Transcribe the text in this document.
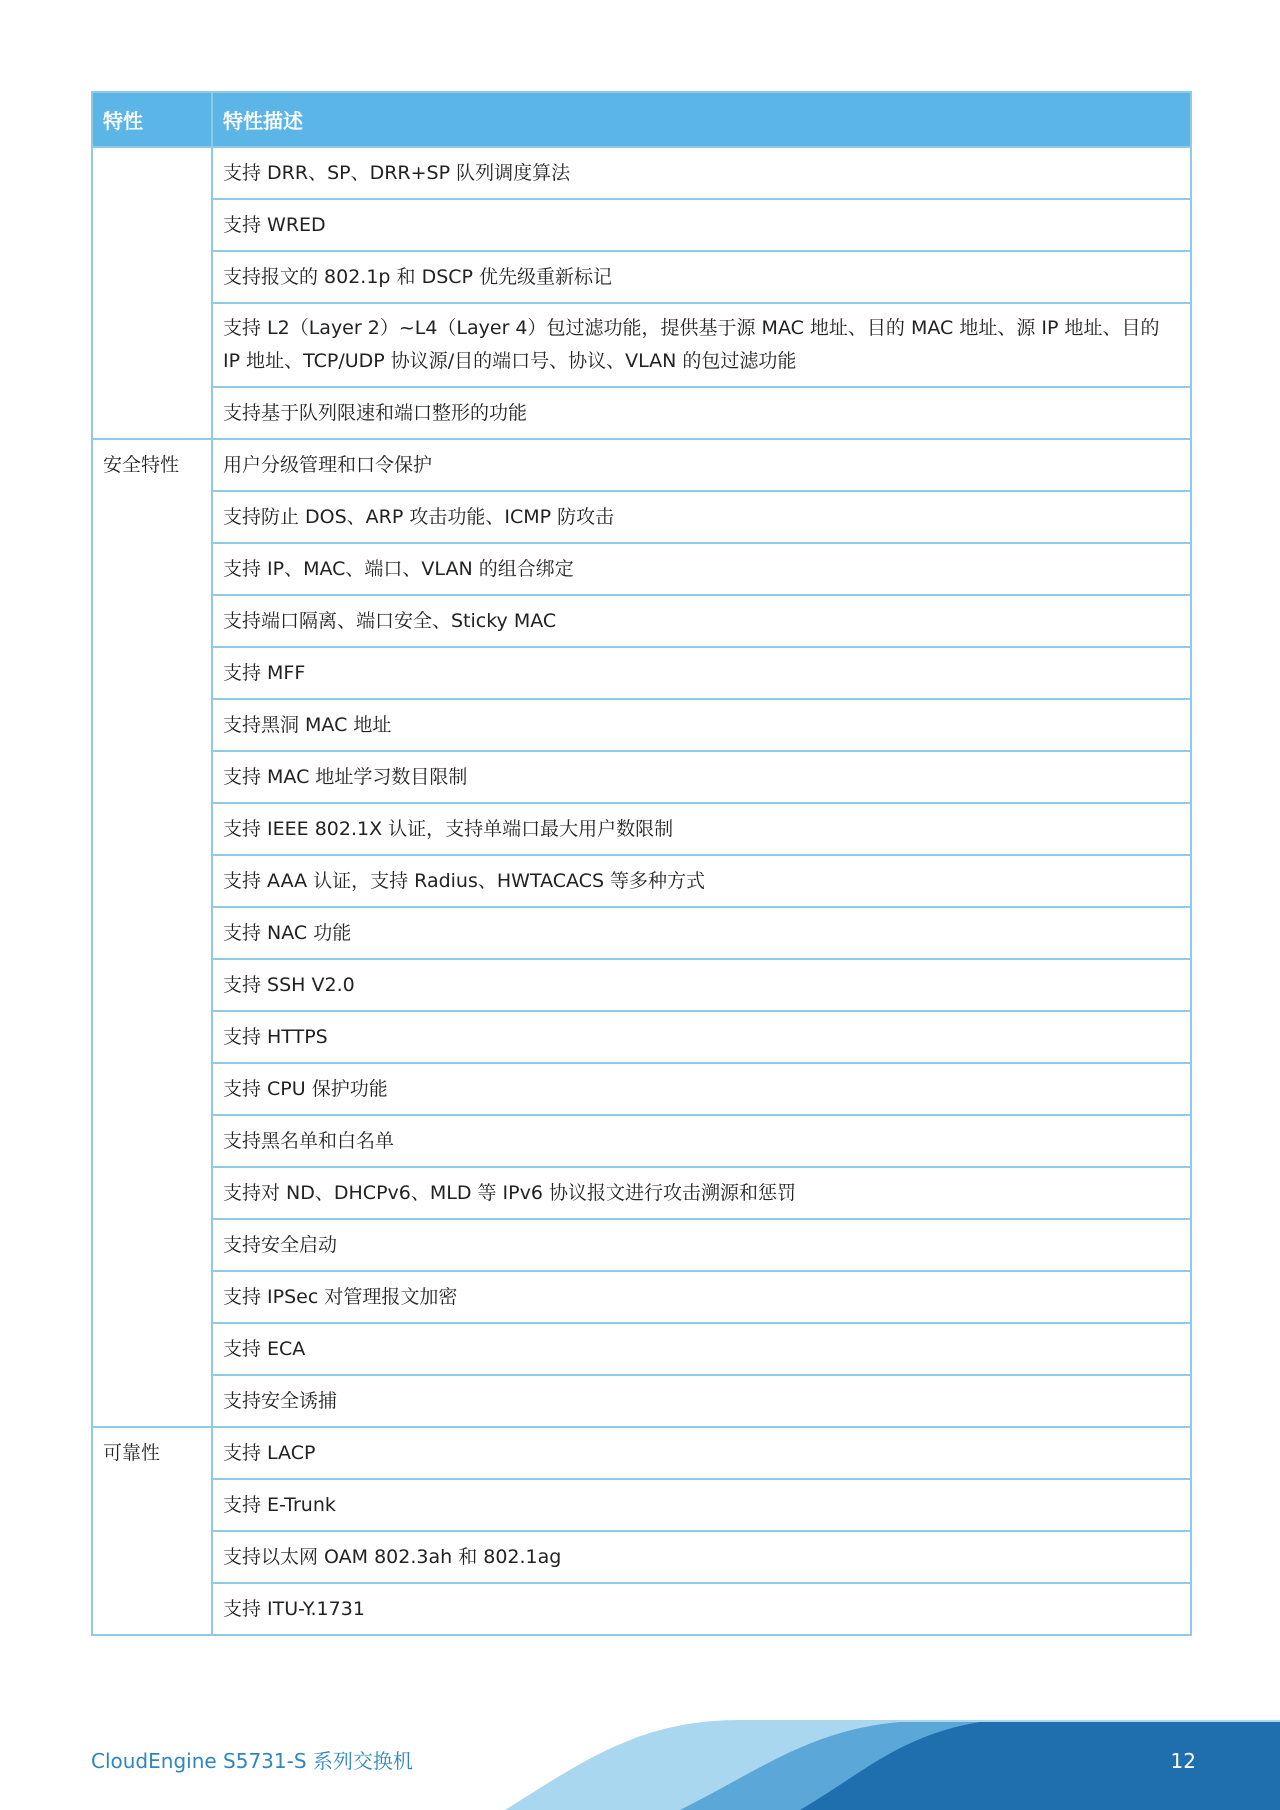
特性	特性描述
	支持 DRR、SP、DRR+SP 队列调度算法
	支持 WRED
	支持报文的 802.1p 和 DSCP 优先级重新标记
	支持 L2（Layer 2）~L4（Layer 4）包过滤功能，提供基于源 MAC 地址、目的 MAC 地址、源 IP 地址、目的 IP 地址、TCP/UDP 协议源/目的端口号、协议、VLAN 的包过滤功能
	支持基于队列限速和端口整形的功能
安全特性	用户分级管理和口令保护
	支持防止 DOS、ARP 攻击功能、ICMP 防攻击
	支持 IP、MAC、端口、VLAN 的组合绑定
	支持端口隔离、端口安全、Sticky MAC
	支持 MFF
	支持黑洞 MAC 地址
	支持 MAC 地址学习数目限制
	支持 IEEE 802.1X 认证，支持单端口最大用户数限制
	支持 AAA 认证，支持 Radius、HWTACACS 等多种方式
	支持 NAC 功能
	支持 SSH V2.0
	支持 HTTPS
	支持 CPU 保护功能
	支持黑名单和白名单
	支持对 ND、DHCPv6、MLD 等 IPv6 协议报文进行攻击溯源和惩罚
	支持安全启动
	支持 IPSec 对管理报文加密
	支持 ECA
	支持安全诱捕
可靠性	支持 LACP
	支持 E-Trunk
	支持以太网 OAM 802.3ah 和 802.1ag
	支持 ITU-Y.1731
CloudEngine S5731-S 系列交换机	12
